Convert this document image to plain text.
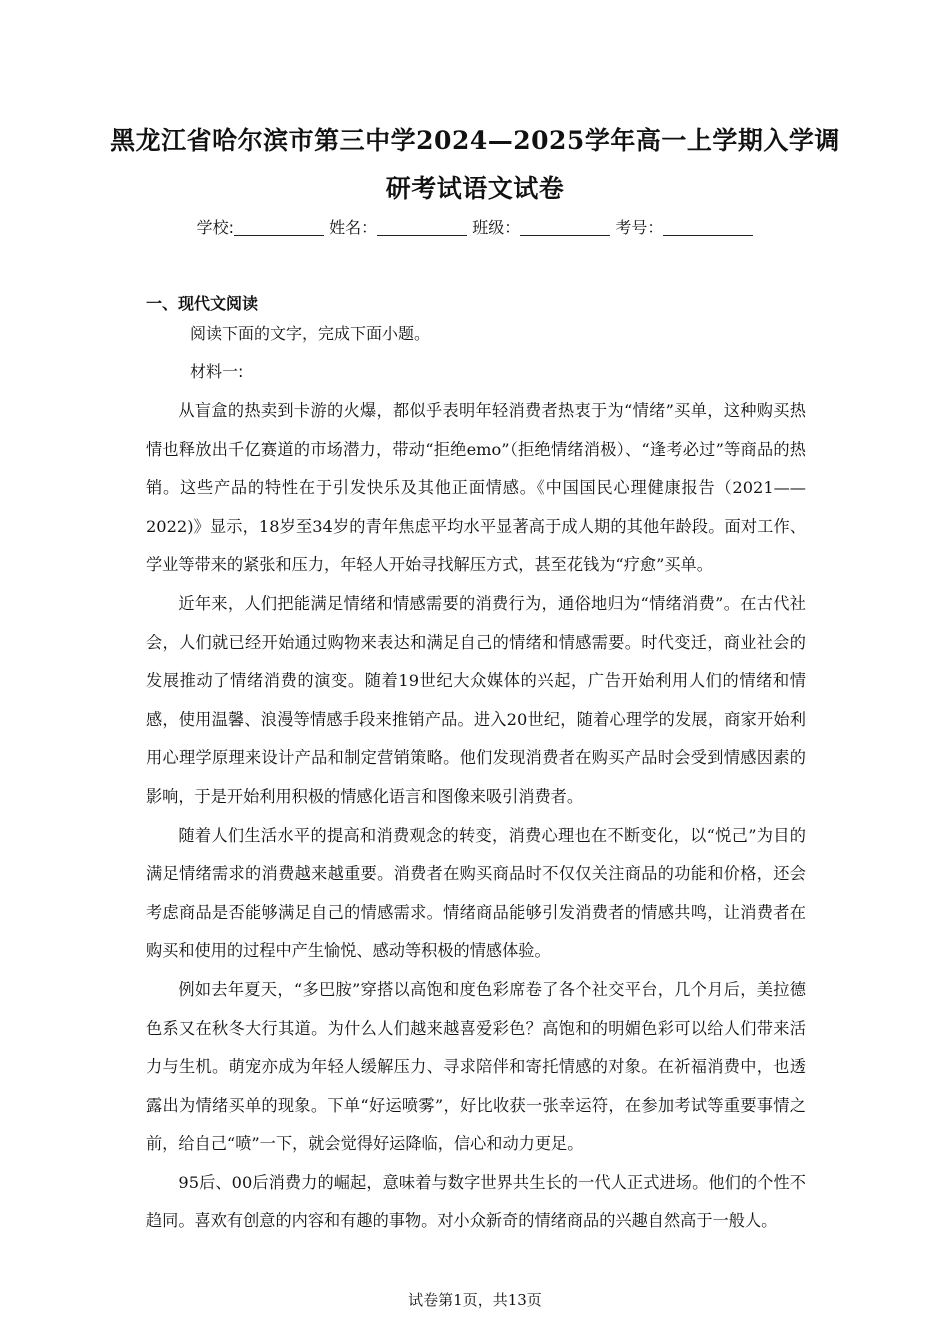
黑龙江省哈尔滨市第三中学2024—2025学年高一上学期入学调
研考试语文试卷
学校:	姓名：	班级：	考号：
一、现代文阅读
阅读下面的文字，完成下面小题。
材料一:

从盲盒的热卖到卡游的火爆，都似乎表明年轻消费者热衷于为“情绪”买单，这种购买热情也释放出千亿赛道的市场潜力，带动“拒绝emo”（拒绝情绪消极）、“逢考必过”等商品的热销。这些产品的特性在于引发快乐及其他正面情感。《中国国民心理健康报告（2021——2022)》显示，18岁至34岁的青年焦虑平均水平显著高于成人期的其他年龄段。面对工作、学业等带来的紧张和压力，年轻人开始寻找解压方式，甚至花钱为“疗愈”买单。

近年来，人们把能满足情绪和情感需要的消费行为，通俗地归为“情绪消费”。在古代社会，人们就已经开始通过购物来表达和满足自己的情绪和情感需要。时代变迁，商业社会的发展推动了情绪消费的演变。随着19世纪大众媒体的兴起，广告开始利用人们的情绪和情感，使用温馨、浪漫等情感手段来推销产品。进入20世纪，随着心理学的发展，商家开始利用心理学原理来设计产品和制定营销策略。他们发现消费者在购买产品时会受到情感因素的影响，于是开始利用积极的情感化语言和图像来吸引消费者。

随着人们生活水平的提高和消费观念的转变，消费心理也在不断变化，以“悦己”为目的满足情绪需求的消费越来越重要。消费者在购买商品时不仅仅关注商品的功能和价格，还会考虑商品是否能够满足自己的情感需求。情绪商品能够引发消费者的情感共鸣，让消费者在购买和使用的过程中产生愉悦、感动等积极的情感体验。

例如去年夏天，“多巴胺”穿搭以高饱和度色彩席卷了各个社交平台，几个月后，美拉德色系又在秋冬大行其道。为什么人们越来越喜爱彩色？高饱和的明媚色彩可以给人们带来活力与生机。萌宠亦成为年轻人缓解压力、寻求陪伴和寄托情感的对象。在祈福消费中，也透露出为情绪买单的现象。下单“好运喷雾”，好比收获一张幸运符，在参加考试等重要事情之前，给自己“喷”一下，就会觉得好运降临，信心和动力更足。

95后、00后消费力的崛起，意味着与数字世界共生长的一代人正式进场。他们的个性不趋同。喜欢有创意的内容和有趣的事物。对小众新奇的情绪商品的兴趣自然高于一般人。

试卷第1页，共13页
